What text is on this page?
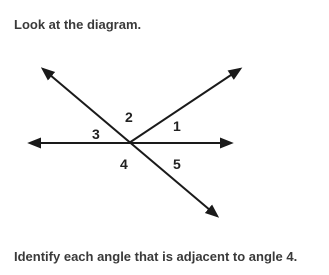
Look at the diagram.
1
2
3
4	5
Identify each angle that is adjacent to angle 4.
